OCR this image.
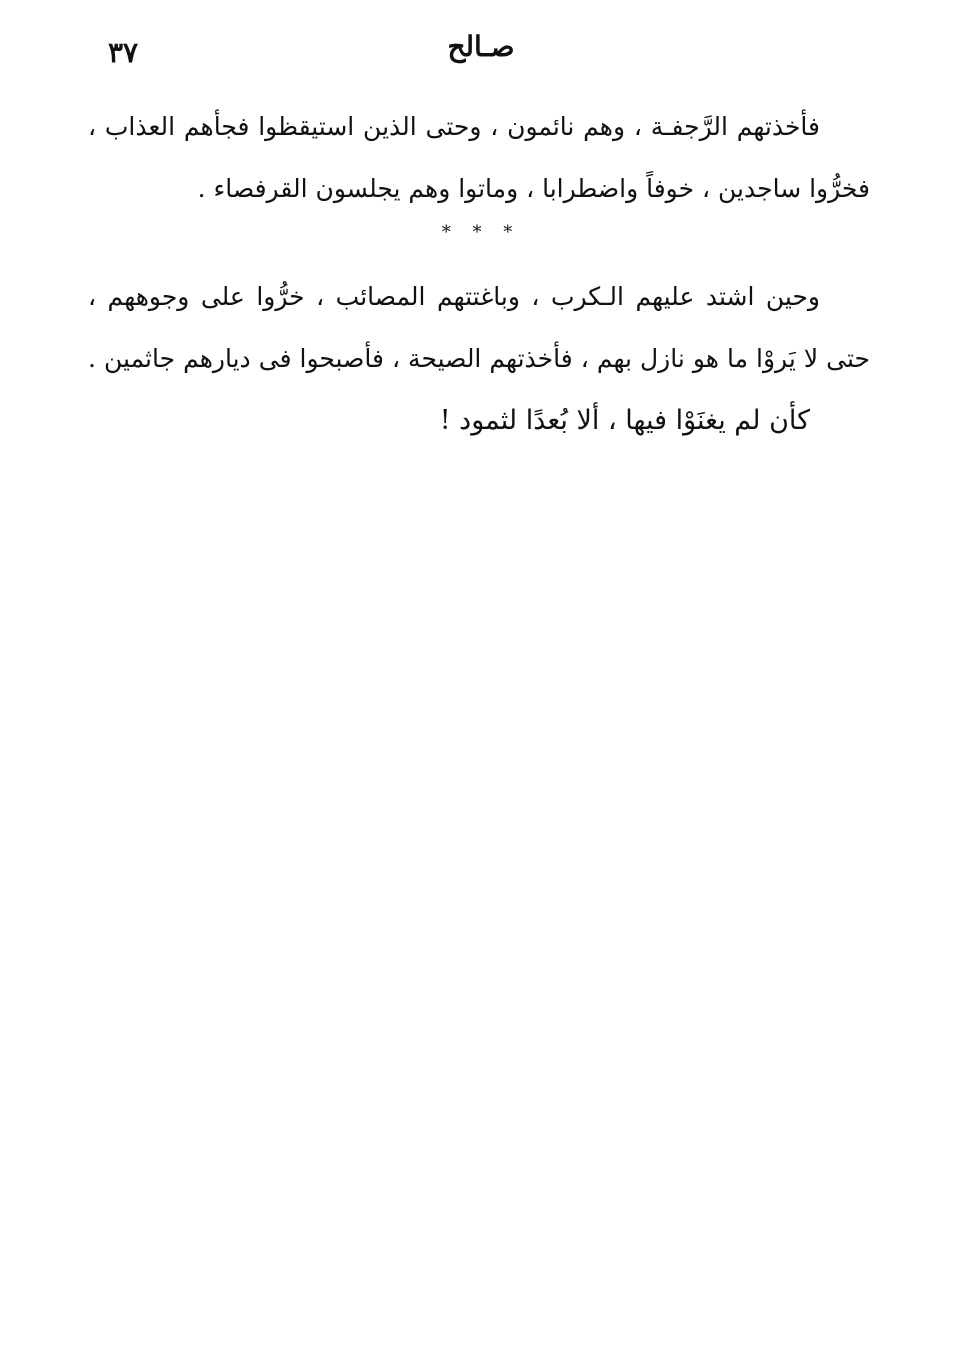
٣٧	صـالح
فأخذتهم الرَّجفـة ، وهم نائمون ، وحتى الذين استيقظوا فجأهم العذاب ،
فخرُّوا ساجدين ، خوفاً واضطرابا ، وماتوا وهم يجلسون القرفصاء .
* * *
وحين اشتد عليهم الـكرب ، وباغتتهم المصائب ، خرُّوا على وجوههم ،
حتى لا يَروْا ما هو نازل بهم ، فأخذتهم الصيحة ، فأصبحوا فى ديارهم جاثمين .
كأن لم يغنَوْا فيها ، ألا بُعدًا لثمود !
